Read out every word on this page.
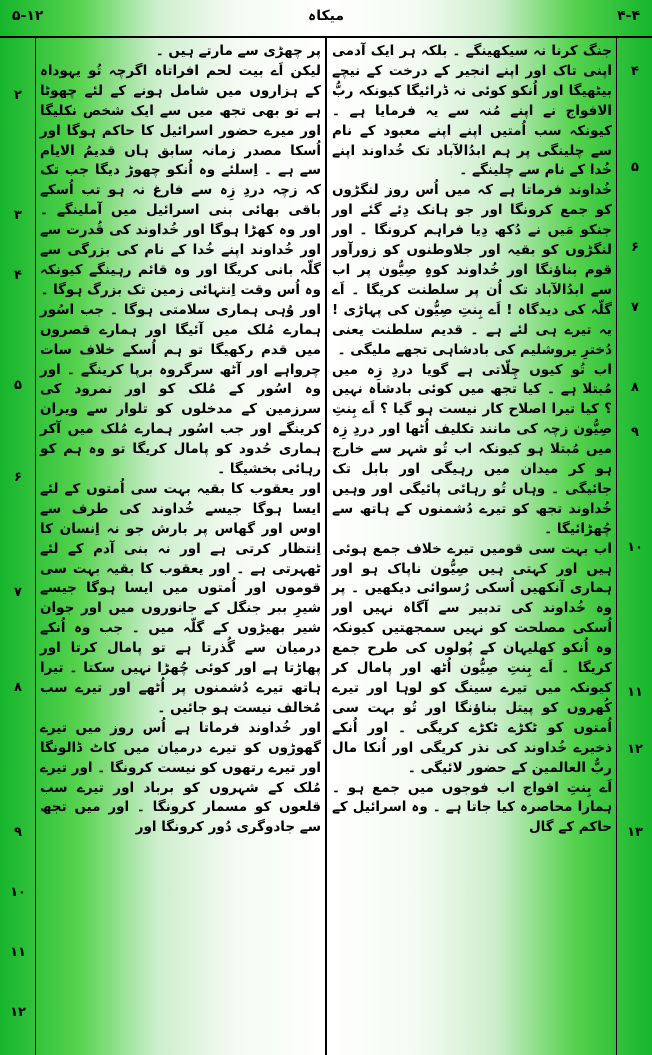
۵-۱۲	میکاہ	۴-۴

جنگ کرنا نہ سیکھینگے ۔ بلکہ ہر ایک آدمی اپنی تاک اور اپنے انجیر کے درخت کے نیچے بیٹھیگا اور اُنکو کوئی نہ ڈرائیگا کیونکہ ربُّ الافواج نے اپنے مُنہ سے یہ فرمایا ہے ۔ کیونکہ سب اُمتیں اپنے اپنے معبود کے نام سے چلینگی پر ہم ابدُالآباد تک خُداوند اپنے خُدا کے نام سے چلینگے ۔

خُداوند فرماتا ہے کہ میں اُس روز لنگڑوں کو جمع کرونگا اور جو ہانک دِئے گئے اور جنکو مَیں نے دُکھ دِیا فراہم کرونگا ۔ اور لنگڑوں کو بقیہ اور جلاوطنوں کو زورآور قوم بناؤنگا اور خُداوند کوہِ صِیُّون پر اب سے ابدُالآباد تک اُن پر سلطنت کریگا ۔ اَے گلّہ کی دیدگاہ ! اَے بِنتِ صِیُّون کی پہاڑی ! یہ تیرے ہی لئے ہے ۔ قدیم سلطنت یعنی دُخترِ یروشلیم کی بادشاہی تجھے ملیگی ۔

اب تُو کیوں چِلّاتی ہے گویا دردِ زِہ میں مُبتلا ہے ۔ کیا تجھ میں کوئی بادشاہ نہیں ؟ کیا تیرا اصلاح کار نیست ہو گیا ؟ اَے بِنتِ صِیُّون زچہ کی مانند تکلیف اُٹھا اور دردِ زِہ میں مُبتلا ہو کیونکہ اب تُو شہر سے خارج ہو کر میدان میں رہیگی اور بابل تک جائیگی ۔ وہاں تُو رہائی پائیگی اور وہیں خُداوند تجھ کو تیرے دُشمنوں کے ہاتھ سے چُھڑائیگا ۔

اب بہت سی قومیں تیرے خلاف جمع ہوئی ہیں اور کہتی ہیں صِیُّون ناپاک ہو اور ہماری آنکھیں اُسکی رُسوائی دیکھیں ۔ پر وہ خُداوند کی تدبیر سے آگاہ نہیں اور اُسکی مصلحت کو نہیں سمجھتیں کیونکہ وہ اُنکو کھلیہان کے پُولوں کی طرح جمع کریگا ۔ اَے بِنتِ صِیُّون اُٹھ اور پامال کر کیونکہ میں تیرے سینگ کو لوہا اور تیرے کُھروں کو پیتل بناؤنگا اور تُو بہت سی اُمتوں کو ٹکڑے ٹکڑے کریگی ۔ اور اُنکے ذخیرے خُداوند کی نذر کریگی اور اُنکا مال ربُّ العالمین کے حضور لائیگی ۔

اَے بِنتِ افواج اب فوجوں میں جمع ہو ۔ ہمارا محاصرہ کیا جاتا ہے ۔ وہ اسرائیل کے حاکم کے گال

پر چھڑی سے مارتے ہیں ۔

لیکن اَے بیت لحم افراتاہ اگرچہ تُو یہوداہ کے ہزاروں میں شامل ہونے کے لئے چھوٹا ہے تو بھی تجھ میں سے ایک شخص نکلیگا اور میرے حضور اسرائیل کا حاکم ہوگا اور اُسکا مصدر زمانہ سابق ہاں قدیمُ الایام سے ہے ۔ اِسلئے وہ اُنکو چھوڑ دیگا جب تک کہ زچہ دردِ زِہ سے فارغ نہ ہو تب اُسکے باقی بھائی بنی اسرائیل میں آملینگے ۔ اور وہ کھڑا ہوگا اور خُداوند کی قُدرت سے اور خُداوند اپنے خُدا کے نام کی بزرگی سے گلّہ بانی کریگا اور وہ قائم رہینگے کیونکہ وہ اُس وقت اِنتہائی زمین تک بزرگ ہوگا ۔

اور وُہی ہماری سلامتی ہوگا ۔ جب اسُور ہمارے مُلک میں آئیگا اور ہمارے قصروں میں قدم رکھیگا تو ہم اُسکے خلاف سات چرواہے اور آٹھ سرگروہ برپا کرینگے ۔ اور وہ اسُور کے مُلک کو اور نمرود کی سرزمین کے مدخلوں کو تلوار سے ویران کرینگے اور جب اسُور ہمارے مُلک میں آکر ہماری حُدود کو پامال کریگا تو وہ ہم کو رہائی بخشیگا ۔

اور یعقوب کا بقیہ بہت سی اُمتوں کے لئے ایسا ہوگا جیسے خُداوند کی طرف سے اوس اور گھاس پر بارش جو نہ اِنسان کا اِنتظار کرتی ہے اور نہ بنی آدم کے لئے ٹھہرتی ہے ۔ اور یعقوب کا بقیہ بہت سی قوموں اور اُمتوں میں ایسا ہوگا جیسے شیرِ ببر جنگل کے جانوروں میں اور جوان شیر بھیڑوں کے گلّہ میں ۔ جب وہ اُنکے درمیان سے گُذرتا ہے تو پامال کرتا اور پھاڑتا ہے اور کوئی چُھڑا نہیں سکتا ۔ تیرا ہاتھ تیرے دُشمنوں پر اُٹھے اور تیرے سب مُخالف نیست ہو جائیں ۔

اور خُداوند فرماتا ہے اُس روز میں تیرے گھوڑوں کو تیرے درمیان میں کاٹ ڈالونگا اور تیرے رتھوں کو نیست کرونگا ۔ اور تیرے مُلک کے شہروں کو برباد اور تیرے سب قلعوں کو مسمار کرونگا ۔ اور میں تجھ سے جادوگری دُور کرونگا اور

۴
۵
۶
۷
۸
۹
۱۰
۱۱
۱۲
۱۳
۲
۳
۴
۵
۶
۷
۸
۹
۱۰
۱۱
۱۲
